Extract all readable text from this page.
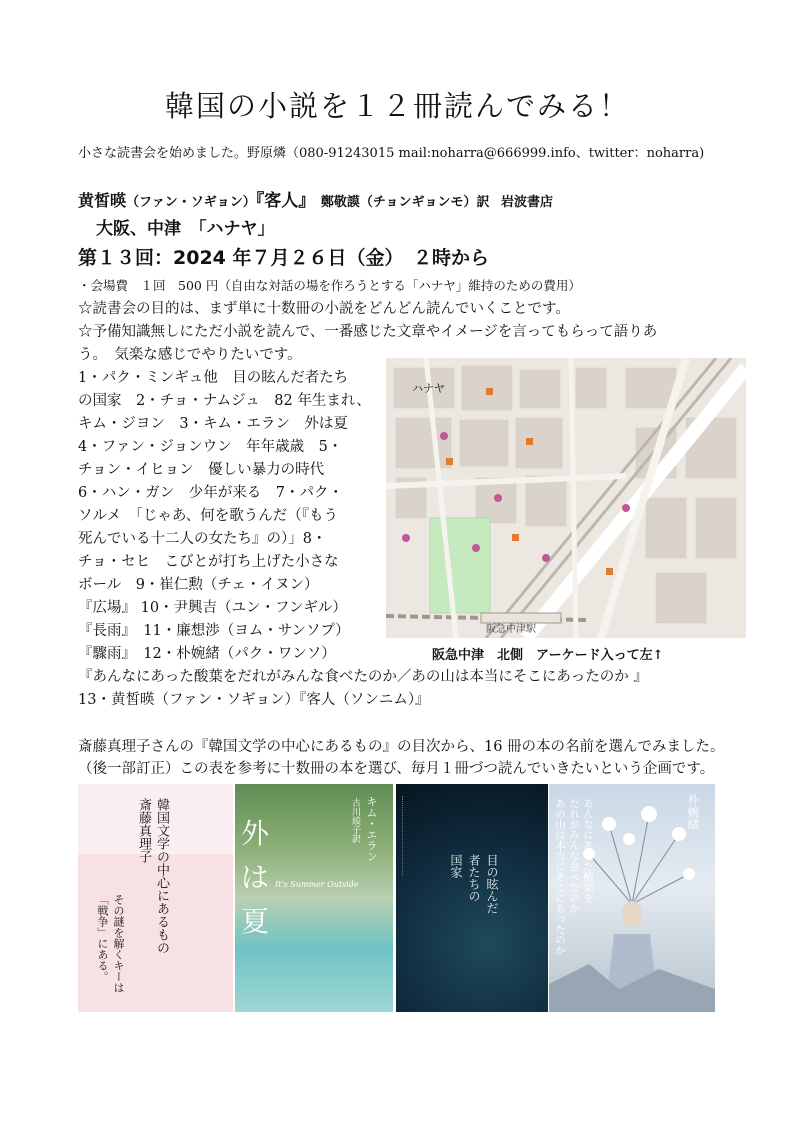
韓国の小説を１２冊読んでみる！
小さな読書会を始めました。野原燐（080-91243015 mail:noharra@666999.info、twitter：noharra)
黄皙暎（ファン・ソギョン）『客人』 鄭敬謨（チョンギョンモ）訳 岩波書店
大阪、中津　「ハナヤ」
第１３回：2024 年７月２６日（金）　２時から
・会場費　１回　500 円（自由な対話の場を作ろうとする「ハナヤ」維持のための費用）
☆読書会の目的は、まず単に十数冊の小説をどんどん読んでいくことです。
☆予備知識無しにただ小説を読んで、一番感じた文章やイメージを言ってもらって語りあ
う。　気楽な感じでやりたいです。
1・パク・ミンギュ他　目の眩んだ者たち
の国家　2・チョ・ナムジュ　82 年生まれ、
キム・ジヨン　3・キム・エラン　外は夏
4・ファン・ジョンウン　年年歳歳　5・
チョン・イヒョン　優しい暴力の時代
6・ハン・ガン　少年が来る　7・パク・
ソルメ　「じゃあ、何を歌うんだ（『もう
死んでいる十二人の女たち』の）」8・
チョ・セヒ　こびとが打ち上げた小さな
ボール　9・崔仁勲（チェ・イヌン）
『広場』 10・尹興吉（ユン・フンギル）
『長雨』　11・廉想渉（ヨム・サンソプ）
『驟雨』　12・朴婉緒（パク・ワンソ）
『あんなにあった酸葉をだれがみんな食べたのか／あの山は本当にそこにあったのか 』
13・黄皙暎（ファン・ソギョン）『客人（ソンニム）』
ハナヤ
阪急中津駅
阪急中津　北側　アーケード入って左↑
斎藤真理子さんの『韓国文学の中心にあるもの』の目次から、16 冊の本の名前を選んでみました。
（後一部訂正）この表を参考に十数冊の本を選び、毎月１冊づつ読んでいきたいという企画です。
韓国文学の中心にあるもの
斎藤真理子
その謎を解くキーは
「戦争」にある。
キム・エラン
古川綾子訳
外
は
夏
It's Summer Outside	目の眩んだ
者たちの
国家
朴婉緒
あんなにあった酸葉を
だれがみんな食べたのか
あの山は本当にそこにあったのか
